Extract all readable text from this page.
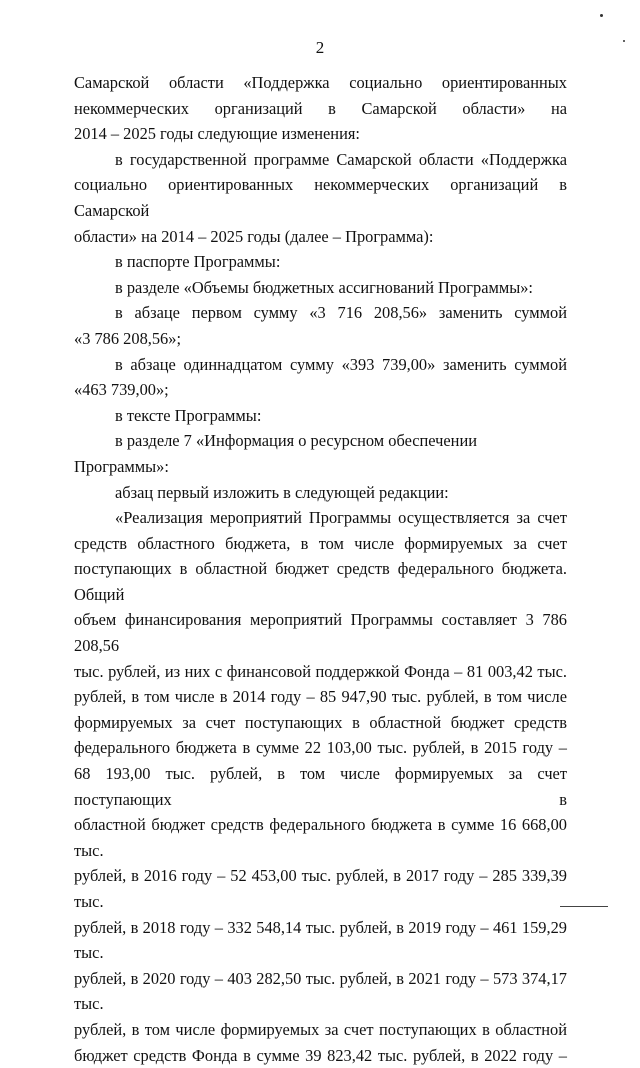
2

Самарской области «Поддержка социально ориентированных
некоммерческих организаций в Самарской области» на
2014 – 2025 годы следующие изменения:

в государственной программе Самарской области «Поддержка
социально ориентированных некоммерческих организаций в Самарской
области» на 2014 – 2025 годы (далее – Программа):

в паспорте Программы:

в разделе «Объемы бюджетных ассигнований Программы»:

в абзаце первом сумму «3 716 208,56» заменить суммой
«3 786 208,56»;

в абзаце одиннадцатом сумму «393 739,00» заменить суммой
«463 739,00»;

в тексте Программы:

в разделе 7 «Информация о ресурсном обеспечении Программы»:

абзац первый изложить в следующей редакции:

«Реализация мероприятий Программы осуществляется за счет
средств областного бюджета, в том числе формируемых за счет
поступающих в областной бюджет средств федерального бюджета. Общий
объем финансирования мероприятий Программы составляет 3 786 208,56
тыс. рублей, из них с финансовой поддержкой Фонда – 81 003,42 тыс.
рублей, в том числе в 2014 году – 85 947,90 тыс. рублей, в том числе
формируемых за счет поступающих в областной бюджет средств
федерального бюджета в сумме 22 103,00 тыс. рублей, в 2015 году –
68 193,00 тыс. рублей, в том числе формируемых за счет поступающих в
областной бюджет средств федерального бюджета в сумме 16 668,00 тыс.
рублей, в 2016 году – 52 453,00 тыс. рублей, в 2017 году – 285 339,39 тыс.
рублей, в 2018 году – 332 548,14 тыс. рублей, в 2019 году – 461 159,29 тыс.
рублей, в 2020 году – 403 282,50 тыс. рублей, в 2021 году – 573 374,17 тыс.
рублей, в том числе формируемых за счет поступающих в областной
бюджет средств Фонда в сумме 39 823,42 тыс. рублей, в 2022 году –
